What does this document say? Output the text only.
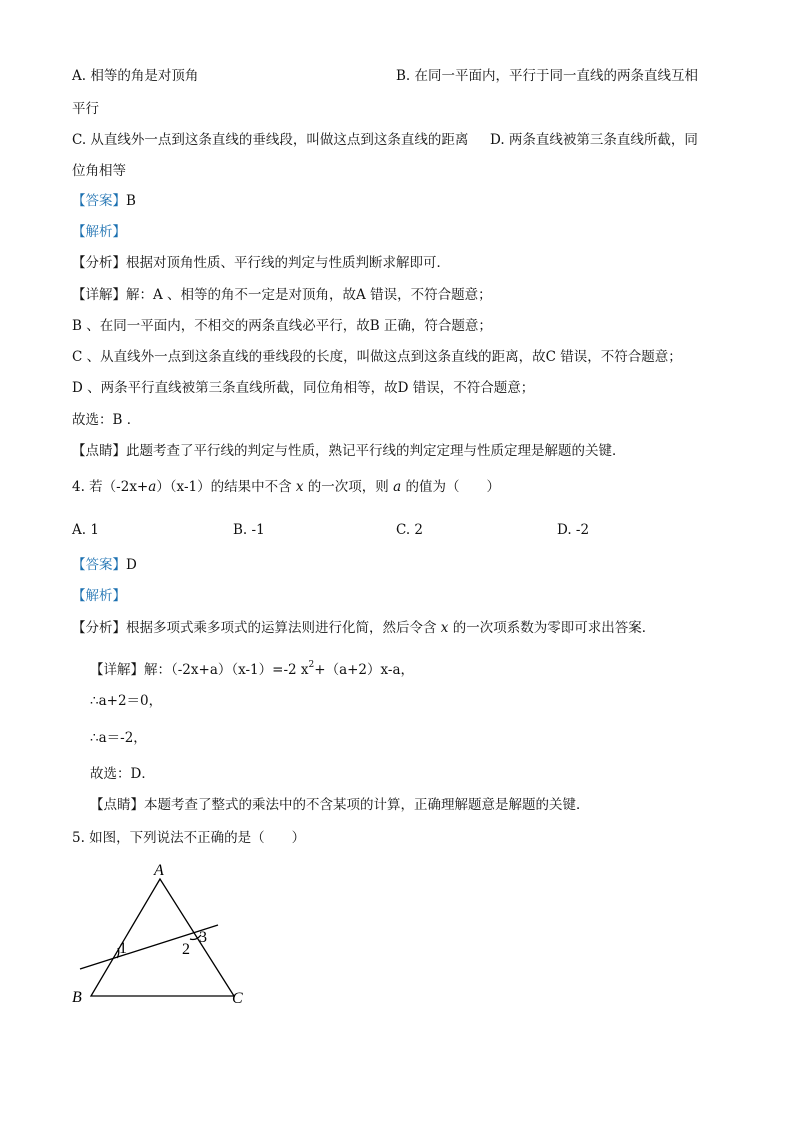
A. 相等的角是对顶角	B. 在同一平面内，平行于同一直线的两条直线互相
平行
C. 从直线外一点到这条直线的垂线段，叫做这点到这条直线的距离 D. 两条直线被第三条直线所截，同
位角相等
【答案】B
【解析】
【分析】根据对顶角性质、平行线的判定与性质判断求解即可．
【详解】解：A 、相等的角不一定是对顶角，故A 错误，不符合题意；
B 、在同一平面内，不相交的两条直线必平行，故B 正确，符合题意；
C 、从直线外一点到这条直线的垂线段的长度，叫做这点到这条直线的距离，故C 错误，不符合题意；
D 、两条平行直线被第三条直线所截，同位角相等，故D 错误，不符合题意；
故选：B ．
【点睛】此题考查了平行线的判定与性质，熟记平行线的判定定理与性质定理是解题的关键．
4. 若（-2x+a）（x-1）的结果中不含 x 的一次项，则 a 的值为（　　）
A. 1	B. -1	C. 2	D. -2
【答案】D
【解析】
【分析】根据多项式乘多项式的运算法则进行化简，然后令含 x 的一次项系数为零即可求出答案．
【详解】解：（-2x+a）（x-1）=-2 $x^2+(a+2)x-a$，
∴a+2＝0，
∴a＝-2，
故选：D．
【点睛】本题考查了整式的乘法中的不含某项的计算，正确理解题意是解题的关键．
5. 如图，下列说法不正确的是（　　）
A
B	C
1	2
3
